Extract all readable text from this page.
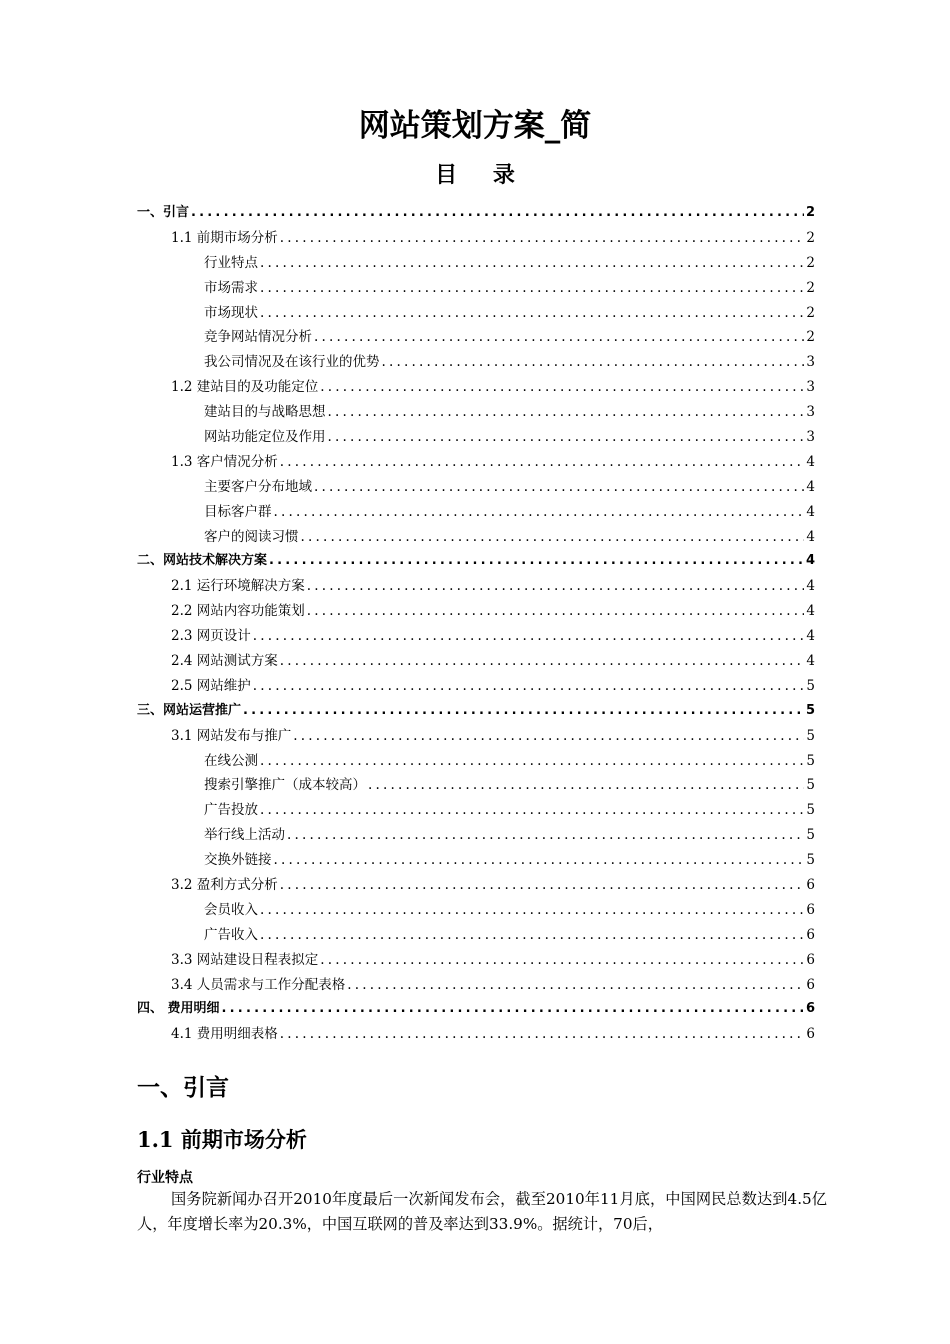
网站策划方案_简
目 录
一、引言 .....	2
1.1 前期市场分析 .....	2
行业特点 .....	2
市场需求 .....	2
市场现状 .....	2
竞争网站情况分析 .....	2
我公司情况及在该行业的优势 .....	3
1.2 建站目的及功能定位 .....	3
建站目的与战略思想 .....	3
网站功能定位及作用 .....	3
1.3 客户情况分析 .....	4
主要客户分布地域 .....	4
目标客户群 .....	4
客户的阅读习惯 .....	4
二、网站技术解决方案 .....	4
2.1 运行环境解决方案 .....	4
2.2 网站内容功能策划 .....	4
2.3 网页设计 .....	4
2.4 网站测试方案 .....	4
2.5 网站维护 .....	5
三、网站运营推广 .....	5
3.1 网站发布与推广 .....	5
在线公测 .....	5
搜索引擎推广（成本较高） .....	5
广告投放 .....	5
举行线上活动 .....	5
交换外链接 .....	5
3.2 盈利方式分析 .....	6
会员收入 .....	6
广告收入 .....	6
3.3 网站建设日程表拟定 .....	6
3.4 人员需求与工作分配表格 .....	6
四、 费用明细 .....	6
4.1 费用明细表格 .....	6
一、引言
1.1 前期市场分析
行业特点

国务院新闻办召开2010年度最后一次新闻发布会，截至2010年11月底，中国网民总数达到4.5亿人，年度增长率为20.3%，中国互联网的普及率达到33.9%。据统计，70后，
